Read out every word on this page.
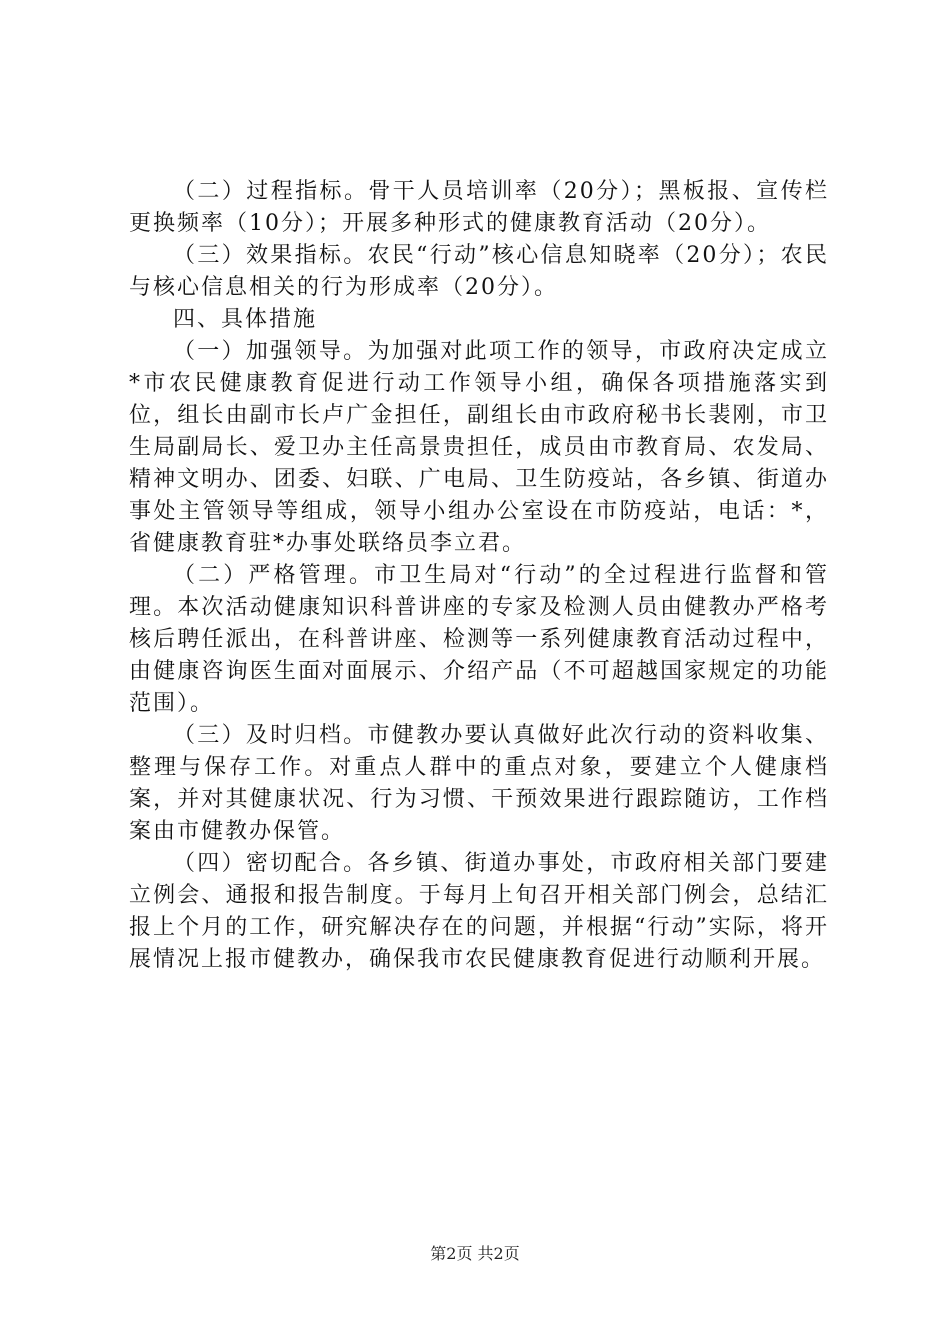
（二）过程指标。骨干人员培训率（20分）；黑板报、宣传栏更换频率（10分）；开展多种形式的健康教育活动（20分）。

（三）效果指标。农民“行动”核心信息知晓率（20分）；农民与核心信息相关的行为形成率（20分）。

四、具体措施

（一）加强领导。为加强对此项工作的领导，市政府决定成立*市农民健康教育促进行动工作领导小组，确保各项措施落实到位，组长由副市长卢广金担任，副组长由市政府秘书长裴刚，市卫生局副局长、爱卫办主任高景贵担任，成员由市教育局、农发局、精神文明办、团委、妇联、广电局、卫生防疫站，各乡镇、街道办事处主管领导等组成，领导小组办公室设在市防疫站，电话：*，省健康教育驻*办事处联络员李立君。

（二）严格管理。市卫生局对“行动”的全过程进行监督和管理。本次活动健康知识科普讲座的专家及检测人员由健教办严格考核后聘任派出，在科普讲座、检测等一系列健康教育活动过程中，由健康咨询医生面对面展示、介绍产品（不可超越国家规定的功能范围）。

（三）及时归档。市健教办要认真做好此次行动的资料收集、整理与保存工作。对重点人群中的重点对象，要建立个人健康档案，并对其健康状况、行为习惯、干预效果进行跟踪随访，工作档案由市健教办保管。

（四）密切配合。各乡镇、街道办事处，市政府相关部门要建立例会、通报和报告制度。于每月上旬召开相关部门例会，总结汇报上个月的工作，研究解决存在的问题，并根据“行动”实际，将开展情况上报市健教办，确保我市农民健康教育促进行动顺利开展。

第2页 共2页
